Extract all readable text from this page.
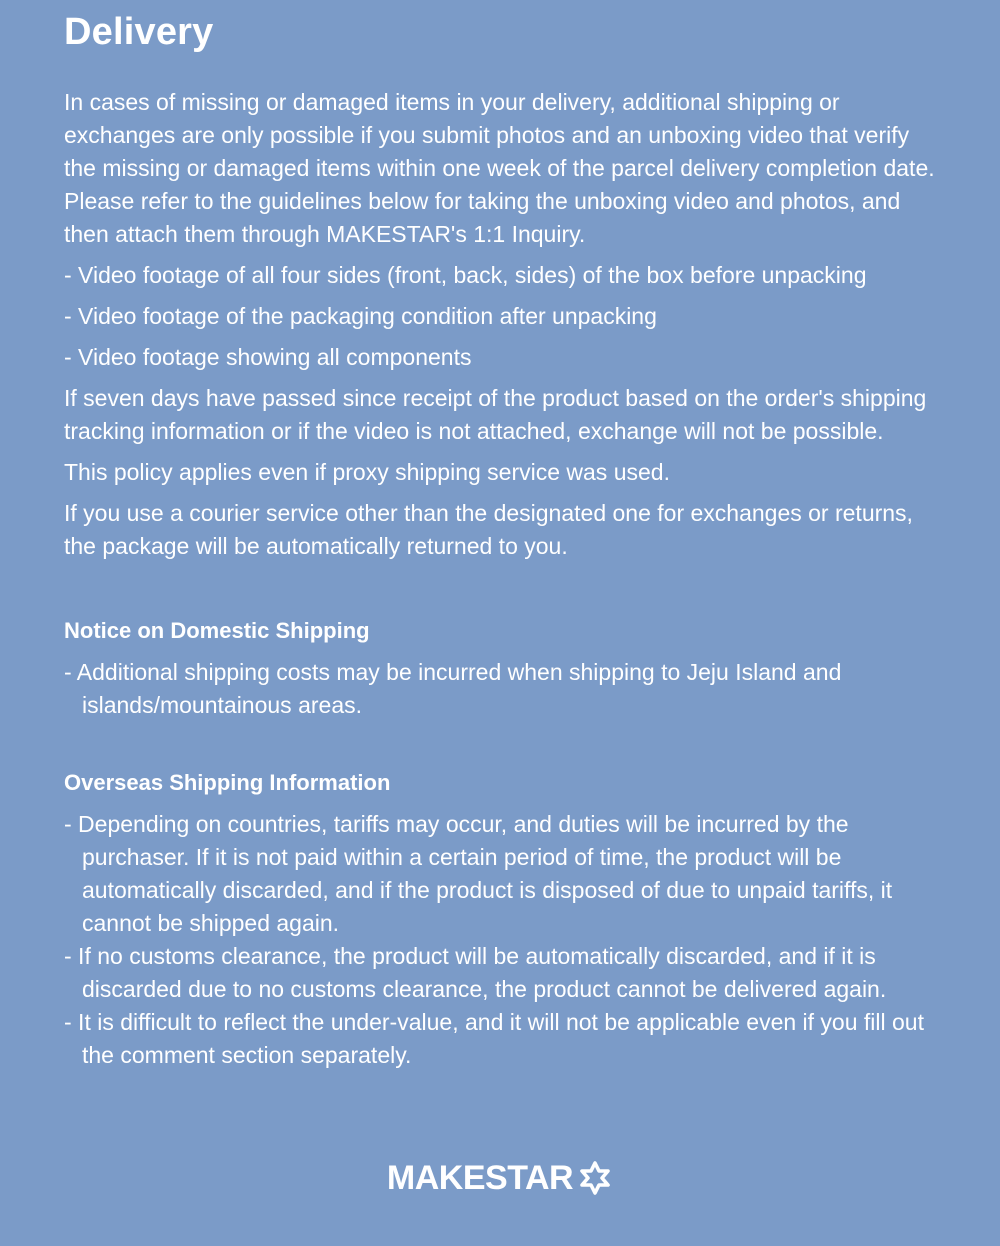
Delivery

In cases of missing or damaged items in your delivery, additional shipping or exchanges are only possible if you submit photos and an unboxing video that verify the missing or damaged items within one week of the parcel delivery completion date. Please refer to the guidelines below for taking the unboxing video and photos, and then attach them through MAKESTAR's 1:1 Inquiry.

- Video footage of all four sides (front, back, sides) of the box before unpacking

- Video footage of the packaging condition after unpacking

- Video footage showing all components

If seven days have passed since receipt of the product based on the order's shipping tracking information or if the video is not attached, exchange will not be possible.

This policy applies even if proxy shipping service was used.

If you use a courier service other than the designated one for exchanges or returns, the package will be automatically returned to you.

Notice on Domestic Shipping

- Additional shipping costs may be incurred when shipping to Jeju Island and islands/mountainous areas.

Overseas Shipping Information

- Depending on countries, tariffs may occur, and duties will be incurred by the purchaser. If it is not paid within a certain period of time, the product will be automatically discarded, and if the product is disposed of due to unpaid tariffs, it cannot be shipped again.

- If no customs clearance, the product will be automatically discarded, and if it is discarded due to no customs clearance, the product cannot be delivered again.

- It is difficult to reflect the under-value, and it will not be applicable even if you fill out the comment section separately.

MAKESTAR
